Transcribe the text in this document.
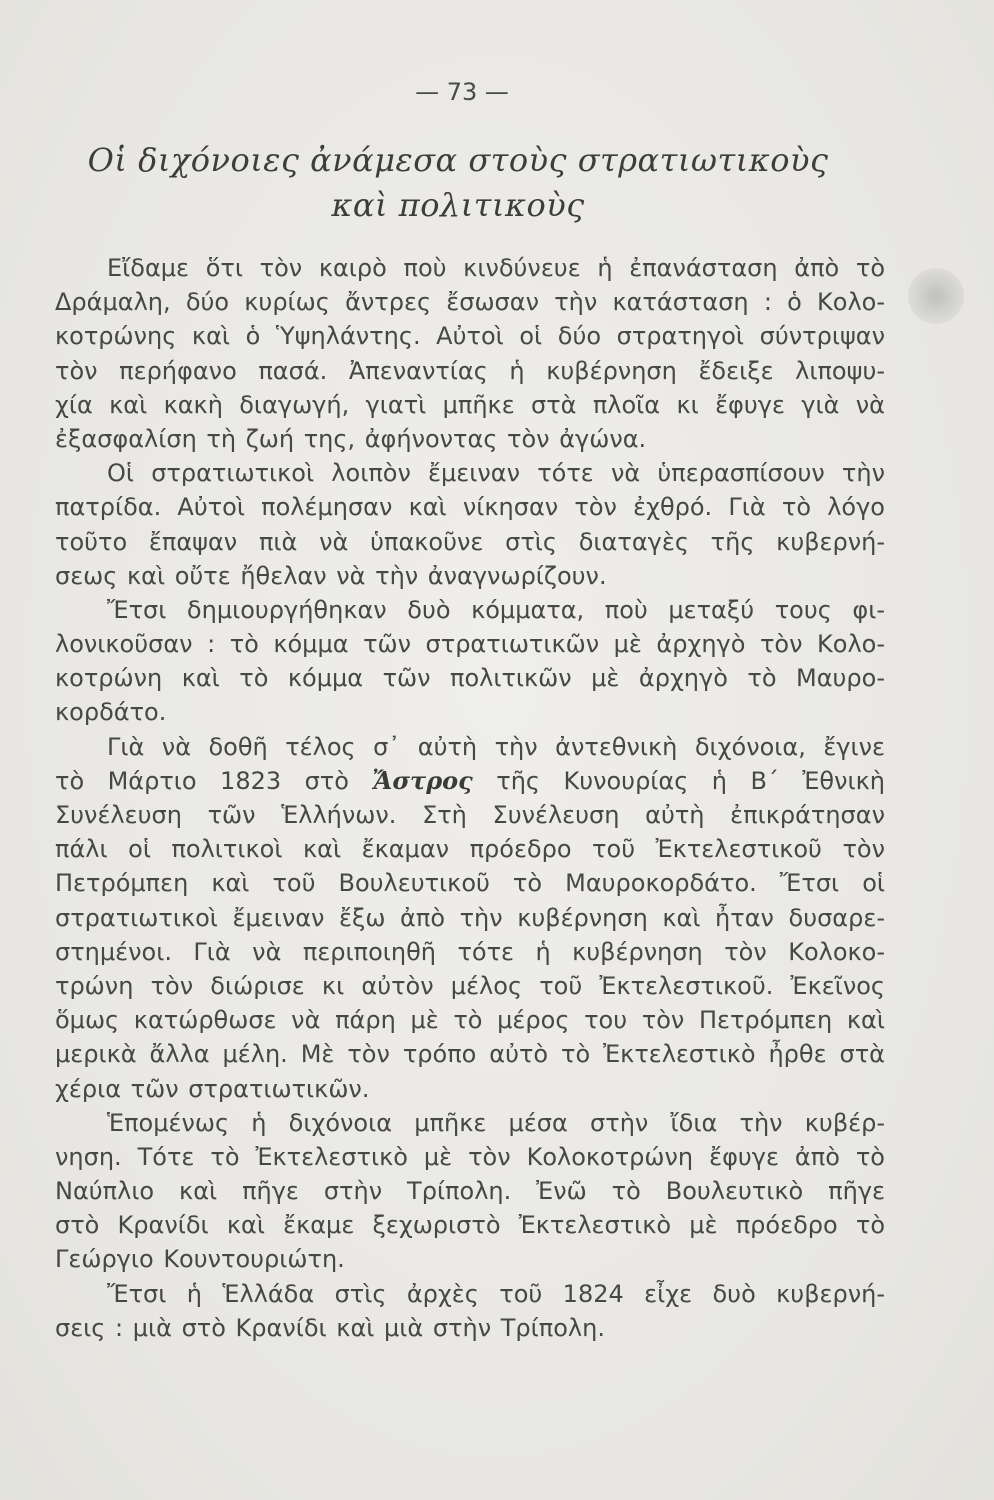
— 73 —
Οἱ διχόνοιες ἀνάμεσα στοὺς στρατιωτικοὺς
καὶ πολιτικοὺς
Εἴδαμε ὅτι τὸν καιρὸ ποὺ κινδύνευε ἡ ἐπανάσταση ἀπὸ τὸ
Δράμαλη, δύο κυρίως ἄντρες ἔσωσαν τὴν κατάσταση : ὁ Κολο-
κοτρώνης καὶ ὁ Ὑψηλάντης. Αὐτοὶ οἱ δύο στρατηγοὶ σύντριψαν
τὸν περήφανο πασά. Ἀπεναντίας ἡ κυβέρνηση ἔδειξε λιποψυ-
χία καὶ κακὴ διαγωγή, γιατὶ μπῆκε στὰ πλοῖα κι ἔφυγε γιὰ νὰ
ἐξασφαλίση τὴ ζωή της, ἀφήνοντας τὸν ἀγώνα.
Οἱ στρατιωτικοὶ λοιπὸν ἔμειναν τότε νὰ ὑπερασπίσουν τὴν
πατρίδα. Αὐτοὶ πολέμησαν καὶ νίκησαν τὸν ἐχθρό. Γιὰ τὸ λόγο
τοῦτο ἔπαψαν πιὰ νὰ ὑπακοῦνε στὶς διαταγὲς τῆς κυβερνή-
σεως καὶ οὔτε ἤθελαν νὰ τὴν ἀναγνωρίζουν.
Ἔτσι δημιουργήθηκαν δυὸ κόμματα, ποὺ μεταξύ τους φι-
λονικοῦσαν : τὸ κόμμα τῶν στρατιωτικῶν μὲ ἀρχηγὸ τὸν Κολο-
κοτρώνη καὶ τὸ κόμμα τῶν πολιτικῶν μὲ ἀρχηγὸ τὸ Μαυρο-
κορδάτο.
Γιὰ νὰ δοθῆ τέλος σ᾽ αὐτὴ τὴν ἀντεθνικὴ διχόνοια, ἔγινε
τὸ Μάρτιο 1823 στὸ Ἄστρος τῆς Κυνουρίας ἡ Β΄ Ἐθνικὴ
Συνέλευση τῶν Ἑλλήνων. Στὴ Συνέλευση αὐτὴ ἐπικράτησαν
πάλι οἱ πολιτικοὶ καὶ ἔκαμαν πρόεδρο τοῦ Ἐκτελεστικοῦ τὸν
Πετρόμπεη καὶ τοῦ Βουλευτικοῦ τὸ Μαυροκορδάτο. Ἔτσι οἱ
στρατιωτικοὶ ἔμειναν ἔξω ἀπὸ τὴν κυβέρνηση καὶ ἦταν δυσαρε-
στημένοι. Γιὰ νὰ περιποιηθῆ τότε ἡ κυβέρνηση τὸν Κολοκο-
τρώνη τὸν διώρισε κι αὐτὸν μέλος τοῦ Ἐκτελεστικοῦ. Ἐκεῖνος
ὅμως κατώρθωσε νὰ πάρη μὲ τὸ μέρος του τὸν Πετρόμπεη καὶ
μερικὰ ἄλλα μέλη. Μὲ τὸν τρόπο αὐτὸ τὸ Ἐκτελεστικὸ ἦρθε στὰ
χέρια τῶν στρατιωτικῶν.
Ἑπομένως ἡ διχόνοια μπῆκε μέσα στὴν ἴδια τὴν κυβέρ-
νηση. Τότε τὸ Ἐκτελεστικὸ μὲ τὸν Κολοκοτρώνη ἔφυγε ἀπὸ τὸ
Ναύπλιο καὶ πῆγε στὴν Τρίπολη. Ἐνῶ τὸ Βουλευτικὸ πῆγε
στὸ Κρανίδι καὶ ἔκαμε ξεχωριστὸ Ἐκτελεστικὸ μὲ πρόεδρο τὸ
Γεώργιο Κουντουριώτη.
Ἔτσι ἡ Ἑλλάδα στὶς ἀρχὲς τοῦ 1824 εἶχε δυὸ κυβερνή-
σεις : μιὰ στὸ Κρανίδι καὶ μιὰ στὴν Τρίπολη.
